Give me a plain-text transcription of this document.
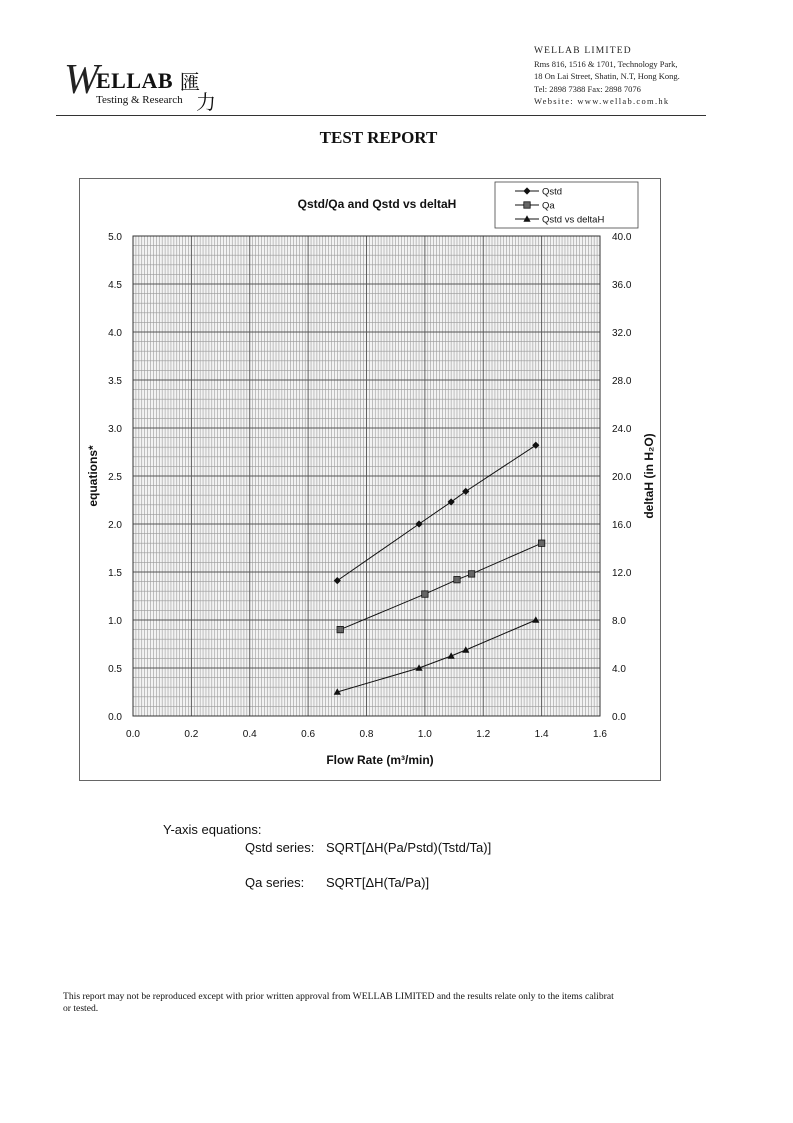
W ELLAB
Testing & Research
匯
力
WELLAB LIMITED
Rms 816, 1516 & 1701, Technology Park,
18 On Lai Street, Shatin, N.T, Hong Kong.
Tel: 2898 7388 Fax: 2898 7076
Website: www.wellab.com.hk
TEST REPORT
0.0	0.2	0.4	0.6	0.8	1.0	1.2	1.4	1.6
0.0
0.5
1.0
1.5
2.0
2.5
3.0
3.5
4.0
4.5
5.0
0.0
4.0
8.0
12.0
16.0
20.0
24.0
28.0
32.0
36.0
40.0
Qstd/Qa and Qstd vs deltaH
Flow Rate (m³/min)
equations*	deltaH (in H₂O)
Qstd
Qa
Qstd vs deltaH
Y-axis equations:
Qstd series: SQRT[ΔH(Pa/Pstd)(Tstd/Ta)]
Qa series: SQRT[ΔH(Ta/Pa)]
This report may not be reproduced except with prior written approval from WELLAB LIMITED and the results relate only to the items calibrat
or tested.
